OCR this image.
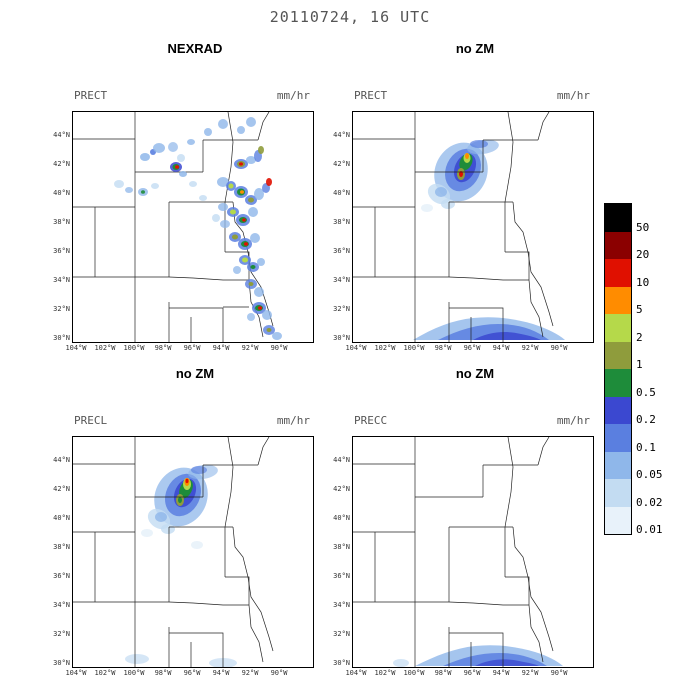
20110724, 16 UTC
NEXRAD	no ZM
no ZM	no ZM
PRECT	mm/hr
30°N
32°N
34°N
36°N
38°N
40°N
42°N
44°N
104°W	102°W	100°W	98°W	96°W	94°W	92°W	90°W
PRECT	mm/hr
30°N
32°N
34°N
36°N
38°N
40°N
42°N
44°N
104°W	102°W	100°W	98°W	96°W	94°W	92°W	90°W
PRECL	mm/hr
30°N
32°N
34°N
36°N
38°N
40°N
42°N
44°N
104°W	102°W	100°W	98°W	96°W	94°W	92°W	90°W
PRECC	mm/hr
30°N
32°N
34°N
36°N
38°N
40°N
42°N
44°N
104°W	102°W	100°W	98°W	96°W	94°W	92°W	90°W
50
20
10
5
2
1
0.5
0.2
0.1
0.05
0.02
0.01
